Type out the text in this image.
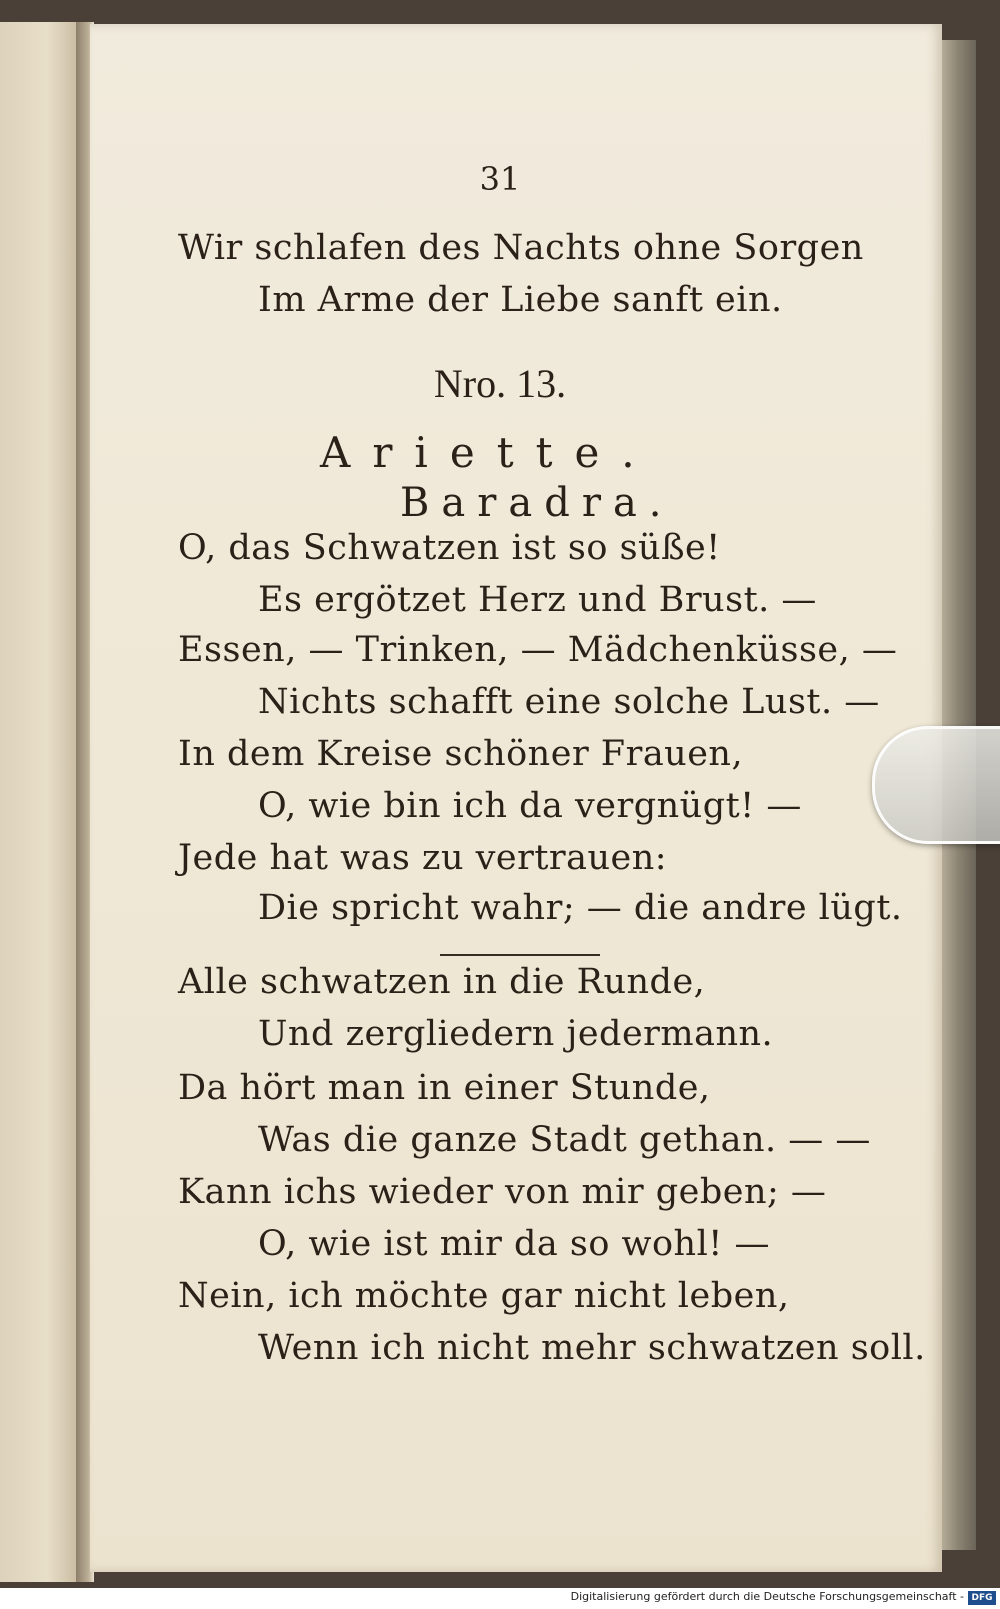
31
Wir schlafen des Nachts ohne Sorgen
Im Arme der Liebe sanft ein.
Nro. 13.
Ariette.
Baradra.
O, das Schwatzen ist so süße!
Es ergötzet Herz und Brust. —
Essen, — Trinken, — Mädchenküsse, —
Nichts schafft eine solche Lust. —
In dem Kreise schöner Frauen,
O, wie bin ich da vergnügt! —
Jede hat was zu vertrauen:
Die spricht wahr; — die andre lügt.
Alle schwatzen in die Runde,
Und zergliedern jedermann.
Da hört man in einer Stunde,
Was die ganze Stadt gethan. — —
Kann ichs wieder von mir geben; —
O, wie ist mir da so wohl! —
Nein, ich möchte gar nicht leben,
Wenn ich nicht mehr schwatzen soll.
Digitalisierung gefördert durch die Deutsche Forschungsgemeinschaft - DFG
